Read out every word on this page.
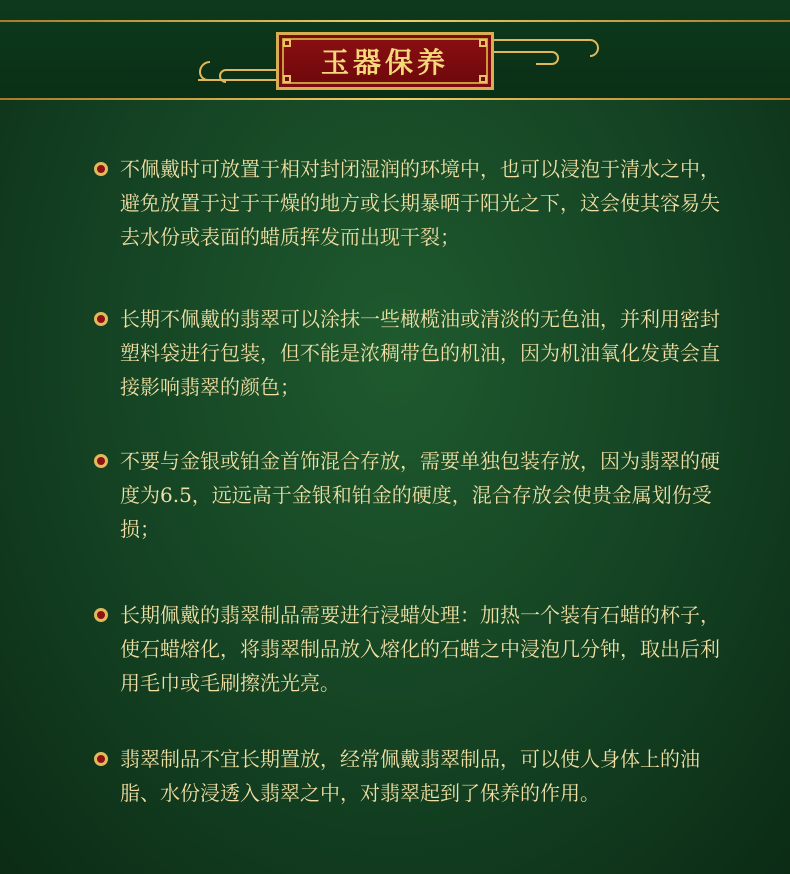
玉器保养
不佩戴时可放置于相对封闭湿润的环境中，也可以浸泡于清水之中，避免放置于过于干燥的地方或长期暴晒于阳光之下，这会使其容易失去水份或表面的蜡质挥发而出现干裂；
长期不佩戴的翡翠可以涂抹一些橄榄油或清淡的无色油，并利用密封塑料袋进行包装，但不能是浓稠带色的机油，因为机油氧化发黄会直接影响翡翠的颜色；
不要与金银或铂金首饰混合存放，需要单独包装存放，因为翡翠的硬度为6.5，远远高于金银和铂金的硬度，混合存放会使贵金属划伤受损；
长期佩戴的翡翠制品需要进行浸蜡处理：加热一个装有石蜡的杯子，使石蜡熔化，将翡翠制品放入熔化的石蜡之中浸泡几分钟，取出后利用毛巾或毛刷擦洗光亮。
翡翠制品不宜长期置放，经常佩戴翡翠制品，可以使人身体上的油脂、水份浸透入翡翠之中，对翡翠起到了保养的作用。
